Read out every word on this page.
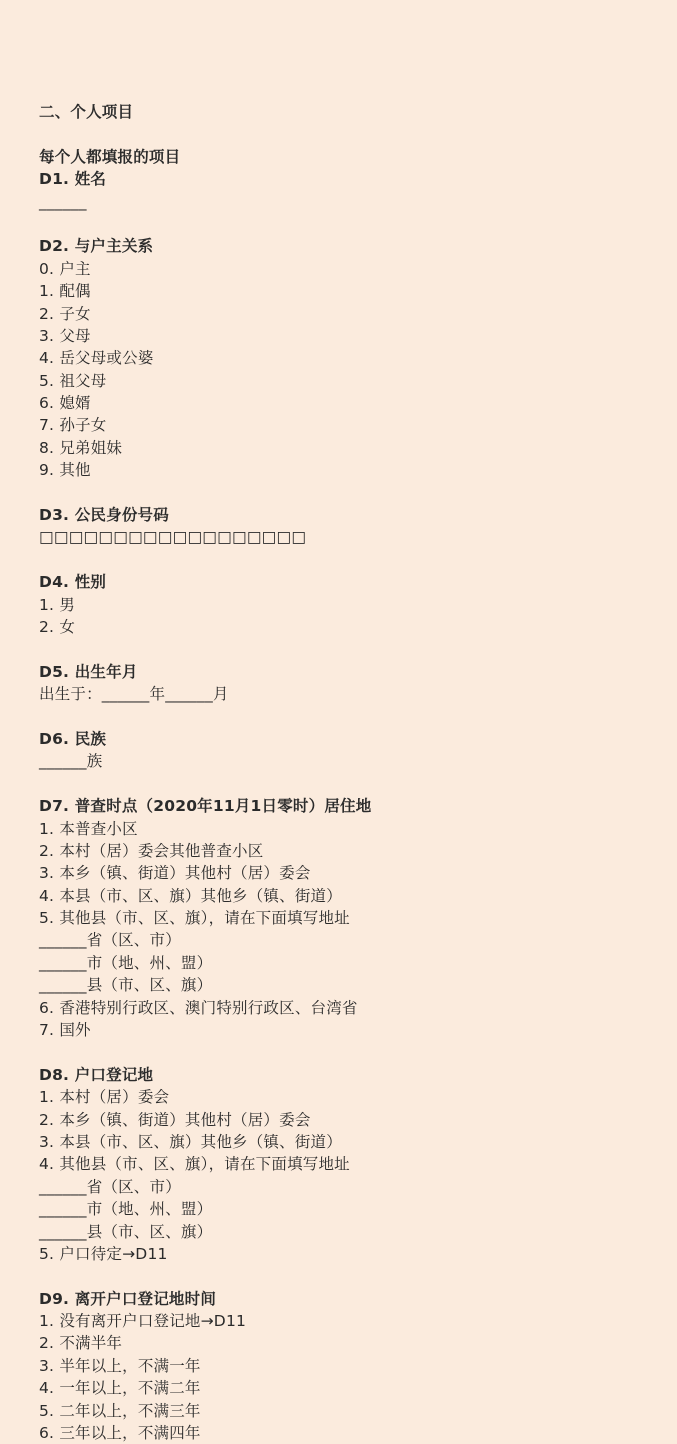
二、个人项目
每个人都填报的项目
D1. 姓名
______
D2. 与户主关系
0. 户主
1. 配偶
2. 子女
3. 父母
4. 岳父母或公婆
5. 祖父母
6. 媳婿
7. 孙子女
8. 兄弟姐妹
9. 其他
D3. 公民身份号码
□□□□□□□□□□□□□□□□□□
D4. 性别
1. 男
2. 女
D5. 出生年月
出生于：______年______月
D6. 民族
______族
D7. 普查时点（2020年11月1日零时）居住地
1. 本普查小区
2. 本村（居）委会其他普查小区
3. 本乡（镇、街道）其他村（居）委会
4. 本县（市、区、旗）其他乡（镇、街道）
5. 其他县（市、区、旗），请在下面填写地址
______省（区、市）
______市（地、州、盟）
______县（市、区、旗）
6. 香港特别行政区、澳门特别行政区、台湾省
7. 国外
D8. 户口登记地
1. 本村（居）委会
2. 本乡（镇、街道）其他村（居）委会
3. 本县（市、区、旗）其他乡（镇、街道）
4. 其他县（市、区、旗），请在下面填写地址
______省（区、市）
______市（地、州、盟）
______县（市、区、旗）
5. 户口待定→D11
D9. 离开户口登记地时间
1. 没有离开户口登记地→D11
2. 不满半年
3. 半年以上，不满一年
4. 一年以上，不满二年
5. 二年以上，不满三年
6. 三年以上，不满四年
